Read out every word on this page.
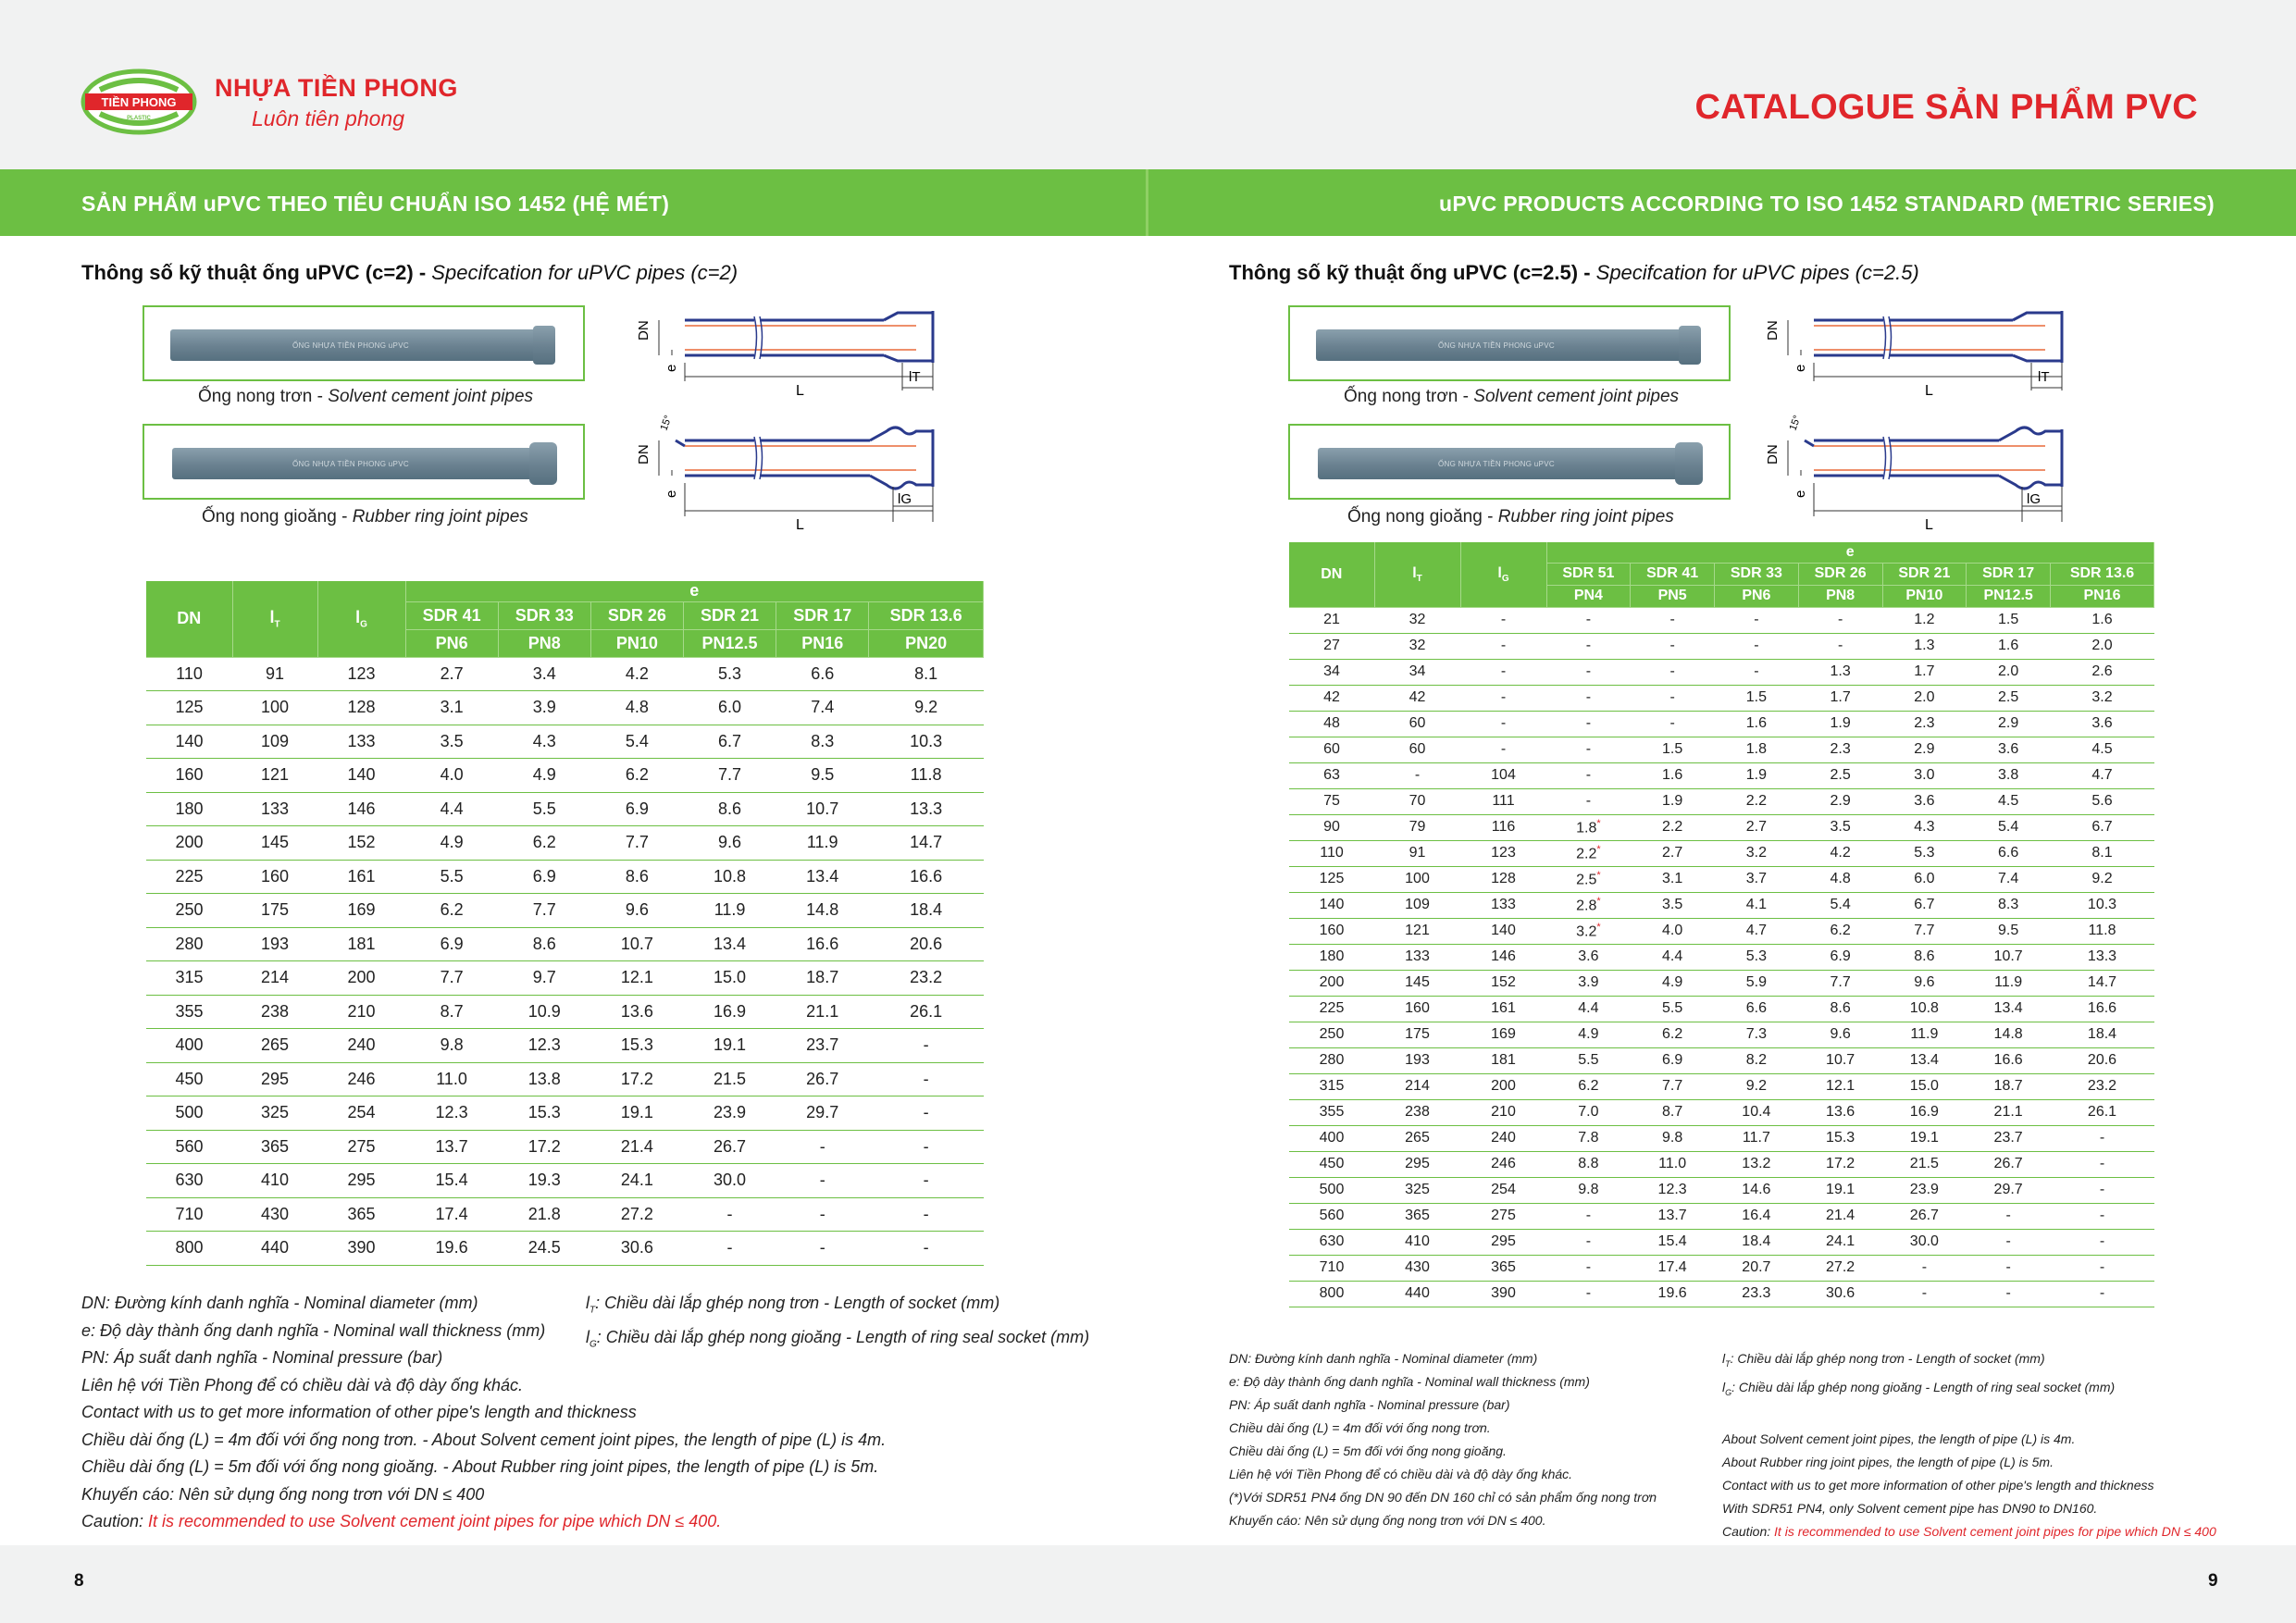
TIỀN PHONG
PLASTIC
NHỰA TIỀN PHONG
Luôn tiên phong	CATALOGUE SẢN PHẨM PVC
SẢN PHẨM uPVC THEO TIÊU CHUẨN ISO 1452 (HỆ MÉT)	uPVC PRODUCTS ACCORDING TO ISO 1452 STANDARD (METRIC SERIES)
Thông số kỹ thuật ống uPVC (c=2) - Specifcation for uPVC pipes (c=2)
ỐNG NHỰA TIỀN PHONG uPVC
Ống nong trơn - Solvent cement joint pipes
ỐNG NHỰA TIỀN PHONG uPVC
Ống nong gioăng - Rubber ring joint pipes
DN
e
L
lT
DN
e
15°
L
lG
DN	$l_T$	$l_G$	e					
			SDR 41	SDR 33	SDR 26	SDR 21	SDR 17	SDR 13.6
			PN6	PN8	PN10	PN12.5	PN16	PN20
110	91	123	2.7	3.4	4.2	5.3	6.6	8.1
125	100	128	3.1	3.9	4.8	6.0	7.4	9.2
140	109	133	3.5	4.3	5.4	6.7	8.3	10.3
160	121	140	4.0	4.9	6.2	7.7	9.5	11.8
180	133	146	4.4	5.5	6.9	8.6	10.7	13.3
200	145	152	4.9	6.2	7.7	9.6	11.9	14.7
225	160	161	5.5	6.9	8.6	10.8	13.4	16.6
250	175	169	6.2	7.7	9.6	11.9	14.8	18.4
280	193	181	6.9	8.6	10.7	13.4	16.6	20.6
315	214	200	7.7	9.7	12.1	15.0	18.7	23.2
355	238	210	8.7	10.9	13.6	16.9	21.1	26.1
400	265	240	9.8	12.3	15.3	19.1	23.7	-
450	295	246	11.0	13.8	17.2	21.5	26.7	-
500	325	254	12.3	15.3	19.1	23.9	29.7	-
560	365	275	13.7	17.2	21.4	26.7	-	-
630	410	295	15.4	19.3	24.1	30.0	-	-
710	430	365	17.4	21.8	27.2	-	-	-
800	440	390	19.6	24.5	30.6	-	-	-
DN: Đường kính danh nghĩa - Nominal diameter (mm)
e: Độ dày thành ống danh nghĩa - Nominal wall thickness (mm)
PN: Áp suất danh nghĩa - Nominal pressure (bar)
Liên hệ với Tiền Phong để có chiều dài và độ dày ống khác.
Contact with us to get more information of other pipe's length and thickness
Chiều dài ống (L) = 4m đối với ống nong trơn. - About Solvent cement joint pipes, the length of pipe (L) is 4m.
Chiều dài ống (L) = 5m đối với ống nong gioăng. - About Rubber ring joint pipes, the length of pipe (L) is 5m.
Khuyến cáo: Nên sử dụng ống nong trơn với DN ≤ 400
Caution: It is recommended to use Solvent cement joint pipes for pipe which DN ≤ 400.
$l_T$: Chiều dài lắp ghép nong trơn - Length of socket (mm)
$l_G$: Chiều dài lắp ghép nong gioăng - Length of ring seal socket (mm)
8
Thông số kỹ thuật ống uPVC (c=2.5) - Specifcation for uPVC pipes (c=2.5)
ỐNG NHỰA TIỀN PHONG uPVC
Ống nong trơn - Solvent cement joint pipes
ỐNG NHỰA TIỀN PHONG uPVC
Ống nong gioăng - Rubber ring joint pipes
DN
e
L
lT
DN
e
15°
L
lG
DN	$l_T$	$l_G$	e						
			SDR 51	SDR 41	SDR 33	SDR 26	SDR 21	SDR 17	SDR 13.6
			PN4	PN5	PN6	PN8	PN10	PN12.5	PN16
21	32	-	-	-	-	-	1.2	1.5	1.6
27	32	-	-	-	-	-	1.3	1.6	2.0
34	34	-	-	-	-	1.3	1.7	2.0	2.6
42	42	-	-	-	1.5	1.7	2.0	2.5	3.2
48	60	-	-	-	1.6	1.9	2.3	2.9	3.6
60	60	-	-	1.5	1.8	2.3	2.9	3.6	4.5
63	-	104	-	1.6	1.9	2.5	3.0	3.8	4.7
75	70	111	-	1.9	2.2	2.9	3.6	4.5	5.6
90	79	116	1.8*	2.2	2.7	3.5	4.3	5.4	6.7
110	91	123	2.2*	2.7	3.2	4.2	5.3	6.6	8.1
125	100	128	2.5*	3.1	3.7	4.8	6.0	7.4	9.2
140	109	133	2.8*	3.5	4.1	5.4	6.7	8.3	10.3
160	121	140	3.2*	4.0	4.7	6.2	7.7	9.5	11.8
180	133	146	3.6	4.4	5.3	6.9	8.6	10.7	13.3
200	145	152	3.9	4.9	5.9	7.7	9.6	11.9	14.7
225	160	161	4.4	5.5	6.6	8.6	10.8	13.4	16.6
250	175	169	4.9	6.2	7.3	9.6	11.9	14.8	18.4
280	193	181	5.5	6.9	8.2	10.7	13.4	16.6	20.6
315	214	200	6.2	7.7	9.2	12.1	15.0	18.7	23.2
355	238	210	7.0	8.7	10.4	13.6	16.9	21.1	26.1
400	265	240	7.8	9.8	11.7	15.3	19.1	23.7	-
450	295	246	8.8	11.0	13.2	17.2	21.5	26.7	-
500	325	254	9.8	12.3	14.6	19.1	23.9	29.7	-
560	365	275	-	13.7	16.4	21.4	26.7	-	-
630	410	295	-	15.4	18.4	24.1	30.0	-	-
710	430	365	-	17.4	20.7	27.2	-	-	-
800	440	390	-	19.6	23.3	30.6	-	-	-
DN: Đường kính danh nghĩa - Nominal diameter (mm)
e: Độ dày thành ống danh nghĩa - Nominal wall thickness (mm)
PN: Áp suất danh nghĩa - Nominal pressure (bar)
Chiều dài ống (L) = 4m đối với ống nong trơn.
Chiều dài ống (L) = 5m đối với ống nong gioăng.
Liên hệ với Tiền Phong để có chiều dài và độ dày ống khác.
(*)Với SDR51 PN4 ống DN 90 đến DN 160 chỉ có sản phẩm ống nong trơn
Khuyến cáo: Nên sử dụng ống nong trơn với DN ≤ 400.
$l_T$: Chiều dài lắp ghép nong trơn - Length of socket (mm)
$l_G$: Chiều dài lắp ghép nong gioăng - Length of ring seal socket (mm)

About Solvent cement joint pipes, the length of pipe (L) is 4m.
About Rubber ring joint pipes, the length of pipe (L) is 5m.
Contact with us to get more information of other pipe's length and thickness
With SDR51 PN4, only Solvent cement pipe has DN90 to DN160.
Caution: It is recommended to use Solvent cement joint pipes for pipe which DN ≤ 400
9
